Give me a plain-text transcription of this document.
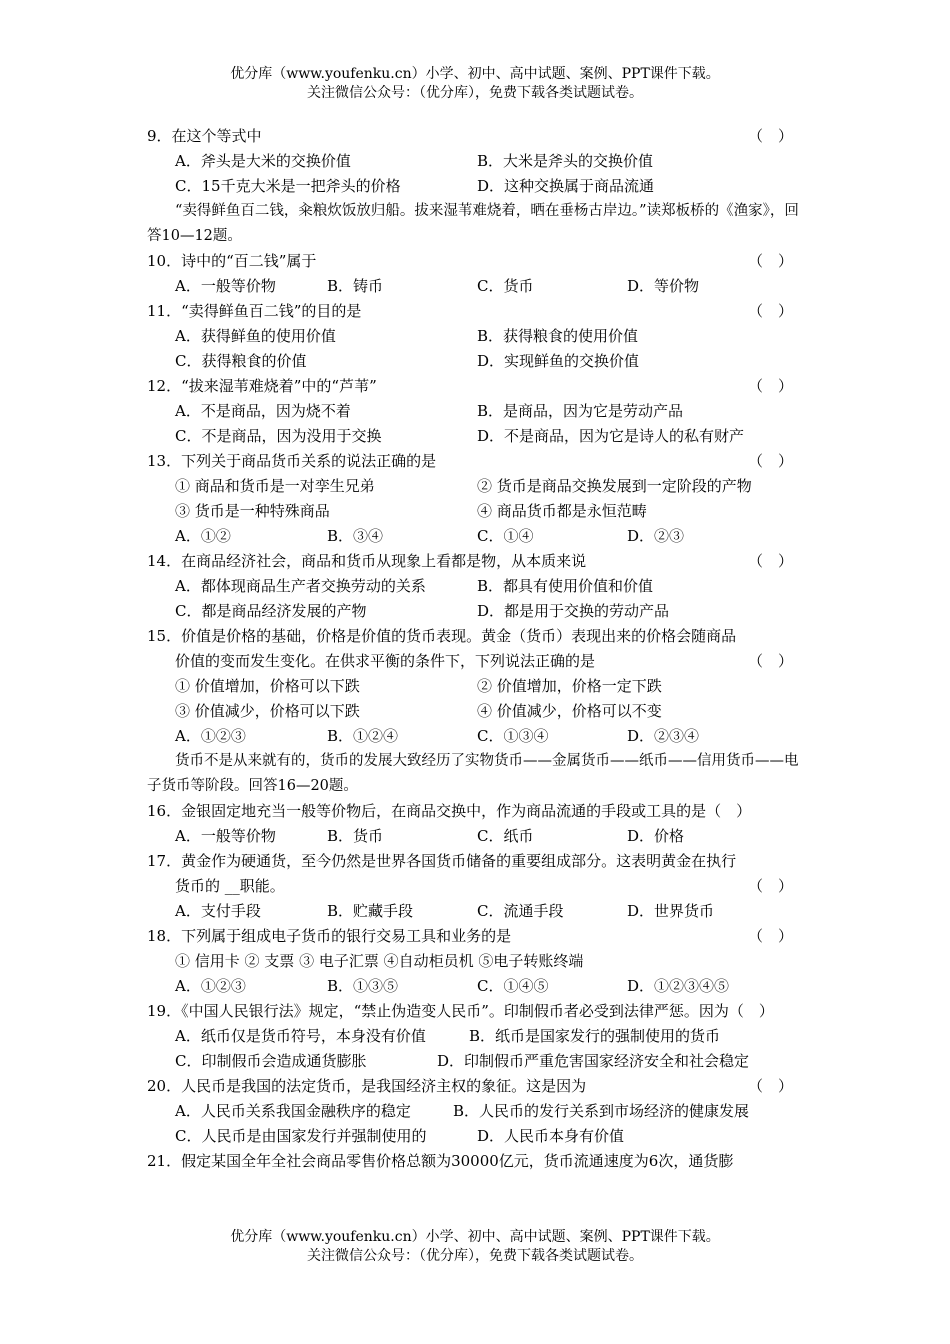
优分库（www.youfenku.cn）小学、初中、高中试题、案例、PPT课件下载。
关注微信公众号：（优分库），免费下载各类试题试卷。
9．在这个等式中	（　）
A．斧头是大米的交换价值	B．大米是斧头的交换价值
C．15千克大米是一把斧头的价格	D．这种交换属于商品流通
“卖得鲜鱼百二钱，籴粮炊饭放归船。拔来湿苇难烧着，晒在垂杨古岸边。”读郑板桥的《渔家》，回答10—12题。
10．诗中的“百二钱”属于	（　）
A．一般等价物	B．铸币	C．货币	D．等价物
11．“卖得鲜鱼百二钱”的目的是	（　）
A．获得鲜鱼的使用价值	B．获得粮食的使用价值
C．获得粮食的价值	D．实现鲜鱼的交换价值
12．“拔来湿苇难烧着”中的“芦苇”	（　）
A．不是商品，因为烧不着	B．是商品，因为它是劳动产品
C．不是商品，因为没用于交换	D．不是商品，因为它是诗人的私有财产
13．下列关于商品货币关系的说法正确的是	（　）
① 商品和货币是一对孪生兄弟	② 货币是商品交换发展到一定阶段的产物
③ 货币是一种特殊商品	④ 商品货币都是永恒范畴
A．①②	B．③④	C．①④	D．②③
14．在商品经济社会，商品和货币从现象上看都是物，从本质来说	（　）
A．都体现商品生产者交换劳动的关系	B．都具有使用价值和价值
C．都是商品经济发展的产物	D．都是用于交换的劳动产品
15．价值是价格的基础，价格是价值的货币表现。黄金（货币）表现出来的价格会随商品
价值的变而发生变化。在供求平衡的条件下，下列说法正确的是	（　）
① 价值增加，价格可以下跌	② 价值增加，价格一定下跌
③ 价值减少，价格可以下跌	④ 价值减少，价格可以不变
A．①②③	B．①②④	C．①③④	D．②③④
货币不是从来就有的，货币的发展大致经历了实物货币——金属货币——纸币——信用货币——电子货币等阶段。回答16—20题。
16．金银固定地充当一般等价物后，在商品交换中，作为商品流通的手段或工具的是（　）
A．一般等价物	B．货币	C．纸币	D．价格
17．黄金作为硬通货，至今仍然是世界各国货币储备的重要组成部分。这表明黄金在执行
货币的 __职能。	（　）
A．支付手段	B．贮藏手段	C．流通手段	D．世界货币
18．下列属于组成电子货币的银行交易工具和业务的是	（　）
① 信用卡 ② 支票 ③ 电子汇票 ④自动柜员机 ⑤电子转账终端
A．①②③	B．①③⑤	C．①④⑤	D．①②③④⑤
19．《中国人民银行法》规定，“禁止伪造变人民币”。印制假币者必受到法律严惩。因为（　）
A．纸币仅是货币符号，本身没有价值	B．纸币是国家发行的强制使用的货币
C．印制假币会造成通货膨胀	D．印制假币严重危害国家经济安全和社会稳定
20．人民币是我国的法定货币，是我国经济主权的象征。这是因为	（　）
A．人民币关系我国金融秩序的稳定	B．人民币的发行关系到市场经济的健康发展
C．人民币是由国家发行并强制使用的	D．人民币本身有价值
21．假定某国全年全社会商品零售价格总额为30000亿元，货币流通速度为6次，通货膨
优分库（www.youfenku.cn）小学、初中、高中试题、案例、PPT课件下载。
关注微信公众号：（优分库），免费下载各类试题试卷。
